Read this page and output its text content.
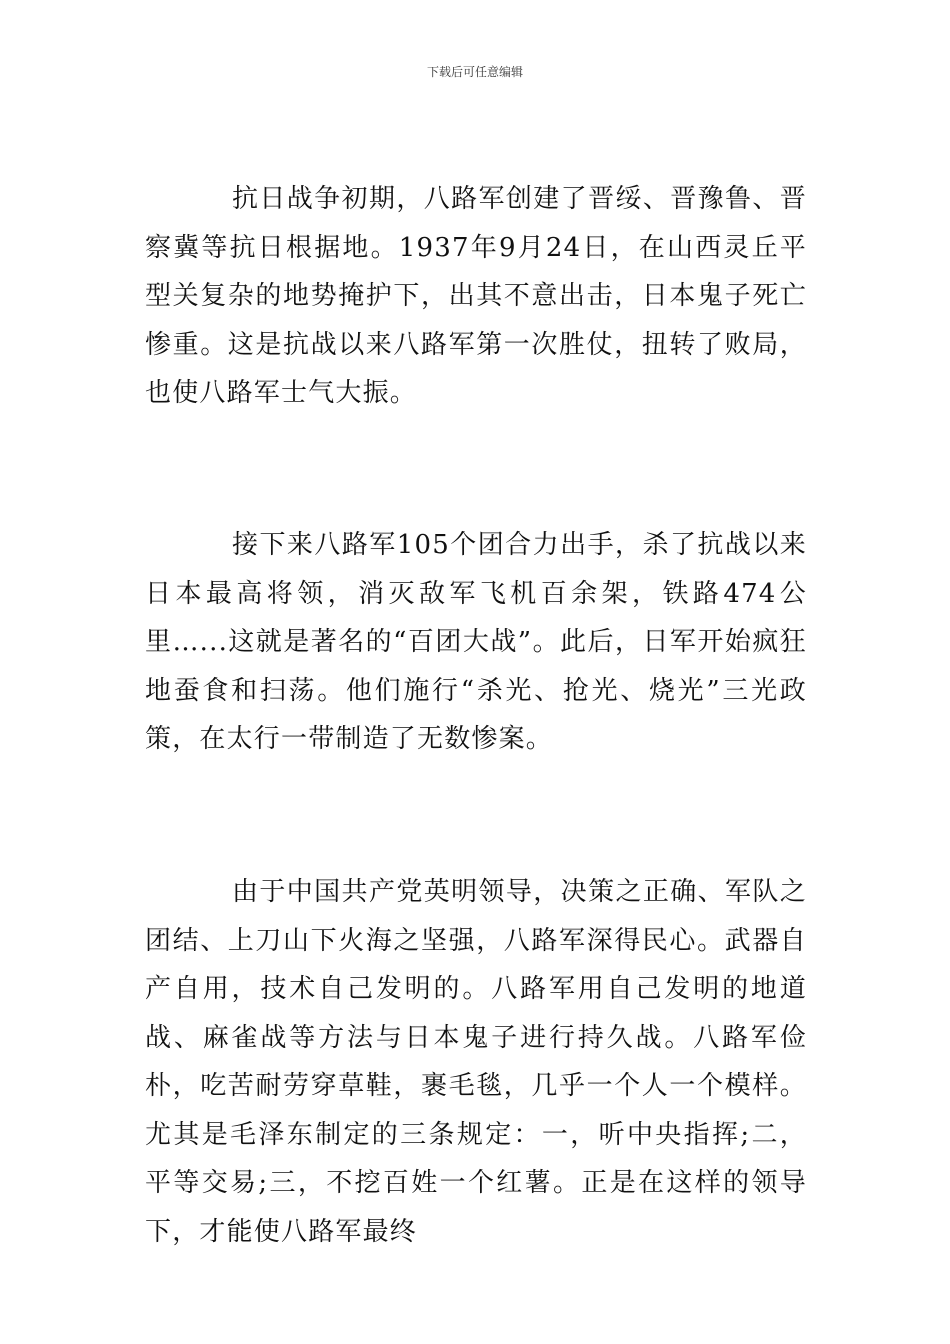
下载后可任意编辑

抗日战争初期，八路军创建了晋绥、晋豫鲁、晋察冀等抗日根据地。1937年9月24日，在山西灵丘平型关复杂的地势掩护下，出其不意出击，日本鬼子死亡惨重。这是抗战以来八路军第一次胜仗，扭转了败局，也使八路军士气大振。

接下来八路军105个团合力出手，杀了抗战以来日本最高将领，消灭敌军飞机百余架，铁路474公里…...这就是著名的“百团大战”。此后，日军开始疯狂地蚕食和扫荡。他们施行“杀光、抢光、烧光”三光政策，在太行一带制造了无数惨案。

由于中国共产党英明领导，决策之正确、军队之团结、上刀山下火海之坚强，八路军深得民心。武器自产自用，技术自己发明的。八路军用自己发明的地道战、麻雀战等方法与日本鬼子进行持久战。八路军俭朴，吃苦耐劳穿草鞋，裹毛毯，几乎一个人一个模样。尤其是毛泽东制定的三条规定：一，听中央指挥;二，平等交易;三，不挖百姓一个红薯。正是在这样的领导下，才能使八路军最终
